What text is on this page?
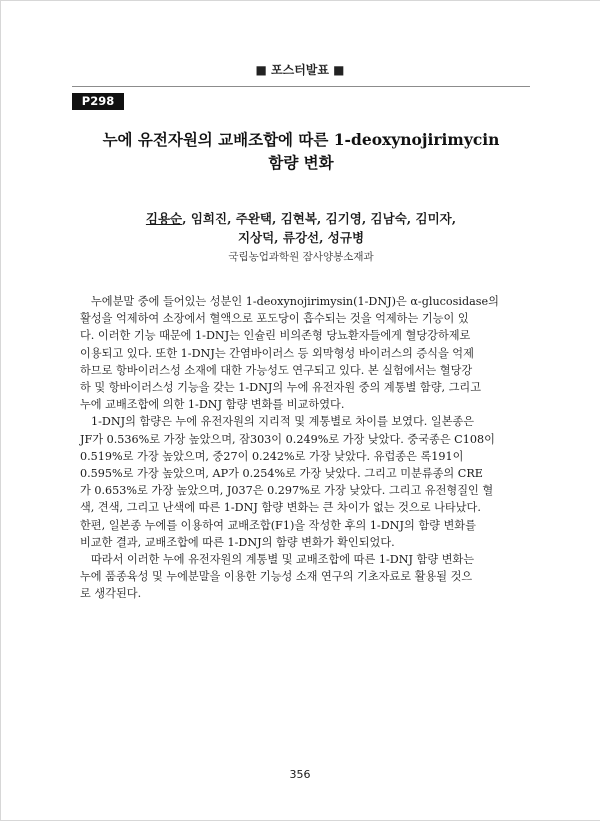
■ 포스터발표 ■
P298
누에 유전자원의 교배조합에 따른 1-deoxynojirimycin
함량 변화
김용순, 임희진, 주완택, 김현복, 김기영, 김남숙, 김미자,
지상덕, 류강선, 성규병
국립농업과학원 잠사양봉소재과

누에분말 중에 들어있는 성분인 1-deoxynojirimysin(1-DNJ)은 α-glucosidase의
활성을 억제하여 소장에서 혈액으로 포도당이 흡수되는 것을 억제하는 기능이 있
다. 이러한 기능 때문에 1-DNJ는 인슐린 비의존형 당뇨환자들에게 혈당강하제로
이용되고 있다. 또한 1-DNJ는 간염바이러스 등 외막형성 바이러스의 증식을 억제
하므로 항바이러스성 소재에 대한 가능성도 연구되고 있다. 본 실험에서는 혈당강
하 및 항바이러스성 기능을 갖는 1-DNJ의 누에 유전자원 중의 계통별 함량, 그리고
누에 교배조합에 의한 1-DNJ 함량 변화를 비교하였다.

1-DNJ의 함량은 누에 유전자원의 지리적 및 계통별로 차이를 보였다. 일본종은
JF가 0.536%로 가장 높았으며, 잠303이 0.249%로 가장 낮았다. 중국종은 C108이
0.519%로 가장 높았으며, 중27이 0.242%로 가장 낮았다. 유럽종은 록191이
0.595%로 가장 높았으며, AP가 0.254%로 가장 낮았다. 그리고 미분류종의 CRE
가 0.653%로 가장 높았으며, J037은 0.297%로 가장 낮았다. 그리고 유전형질인 혈
색, 견색, 그리고 난색에 따른 1-DNJ 함량 변화는 큰 차이가 없는 것으로 나타났다.
한편, 일본종 누에를 이용하여 교배조합(F1)을 작성한 후의 1-DNJ의 함량 변화를
비교한 결과, 교배조합에 따른 1-DNJ의 함량 변화가 확인되었다.

따라서 이러한 누에 유전자원의 계통별 및 교배조합에 따른 1-DNJ 함량 변화는
누에 품종육성 및 누에분말을 이용한 기능성 소재 연구의 기초자료로 활용될 것으
로 생각된다.

356
